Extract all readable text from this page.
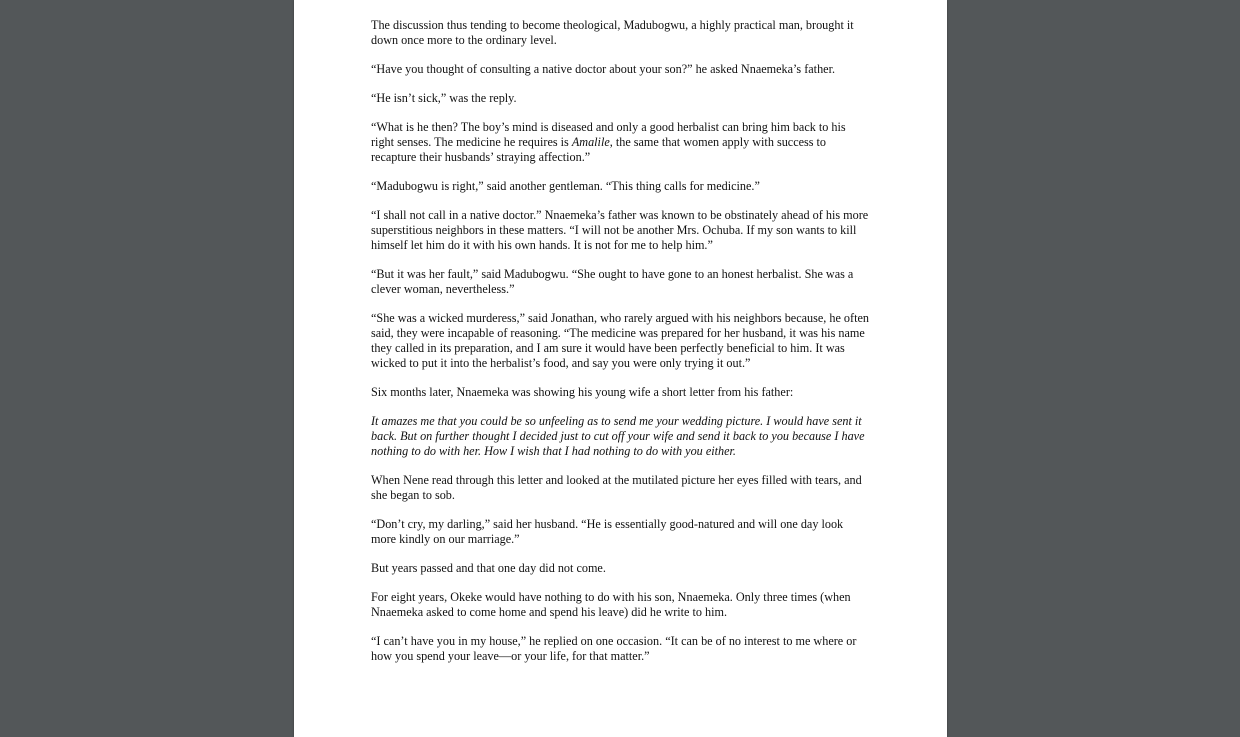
The discussion thus tending to become theological, Madubogwu, a highly practical man, brought it down once more to the ordinary level.

“Have you thought of consulting a native doctor about your son?” he asked Nnaemeka’s father.

“He isn’t sick,” was the reply.

“What is he then? The boy’s mind is diseased and only a good herbalist can bring him back to his right senses. The medicine he requires is Amalile, the same that women apply with success to recapture their husbands’ straying affection.”

“Madubogwu is right,” said another gentleman. “This thing calls for medicine.”

“I shall not call in a native doctor.” Nnaemeka’s father was known to be obstinately ahead of his more superstitious neighbors in these matters. “I will not be another Mrs. Ochuba. If my son wants to kill himself let him do it with his own hands. It is not for me to help him.”

“But it was her fault,” said Madubogwu. “She ought to have gone to an honest herbalist. She was a clever woman, nevertheless.”

“She was a wicked murderess,” said Jonathan, who rarely argued with his neighbors because, he often said, they were incapable of reasoning. “The medicine was prepared for her husband, it was his name they called in its preparation, and I am sure it would have been perfectly beneficial to him. It was wicked to put it into the herbalist’s food, and say you were only trying it out.”

Six months later, Nnaemeka was showing his young wife a short letter from his father:

It amazes me that you could be so unfeeling as to send me your wedding picture. I would have sent it back. But on further thought I decided just to cut off your wife and send it back to you because I have nothing to do with her. How I wish that I had nothing to do with you either.

When Nene read through this letter and looked at the mutilated picture her eyes filled with tears, and she began to sob.

“Don’t cry, my darling,” said her husband. “He is essentially good-natured and will one day look more kindly on our marriage.”

But years passed and that one day did not come.

For eight years, Okeke would have nothing to do with his son, Nnaemeka. Only three times (when Nnaemeka asked to come home and spend his leave) did he write to him.

“I can’t have you in my house,” he replied on one occasion. “It can be of no interest to me where or how you spend your leave—or your life, for that matter.”
